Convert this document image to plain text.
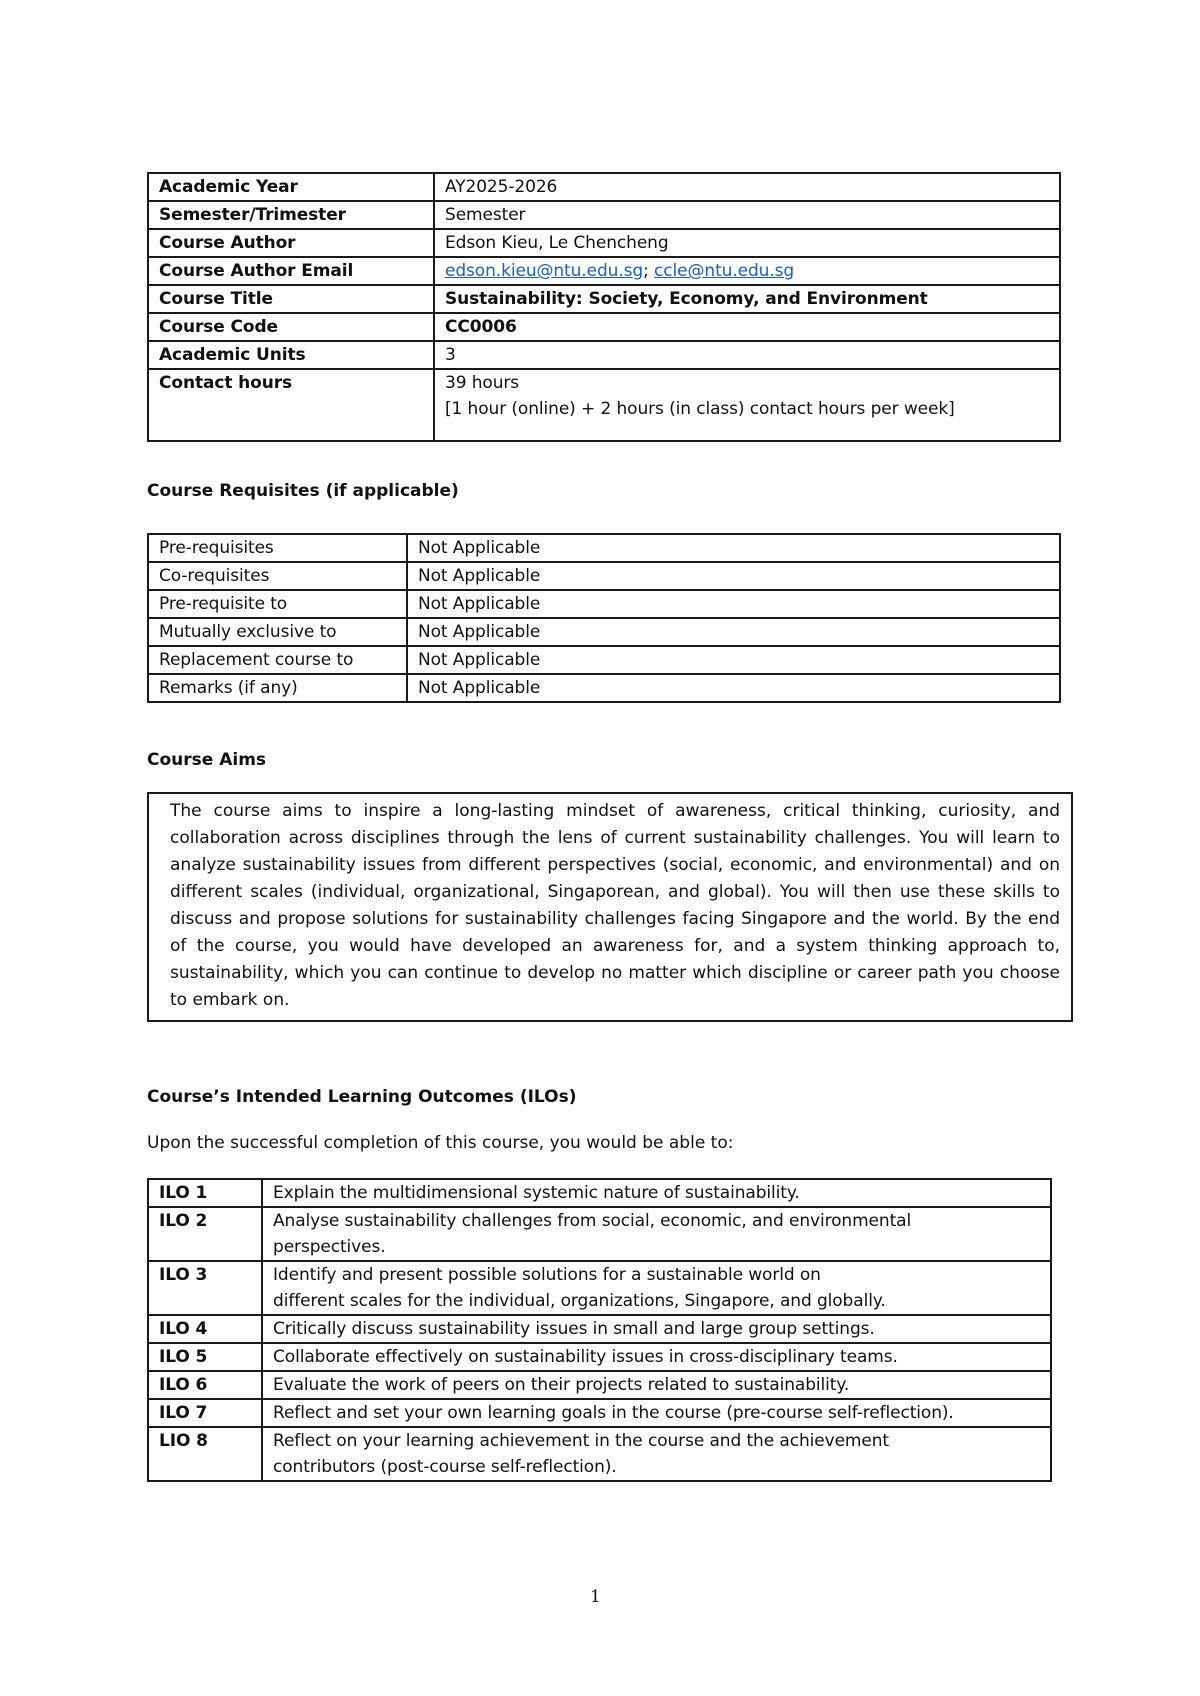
Academic Year	AY2025-2026
Semester/Trimester	Semester
Course Author	Edson Kieu, Le Chencheng
Course Author Email	edson.kieu@ntu.edu.sg; ccle@ntu.edu.sg
Course Title	Sustainability: Society, Economy, and Environment
Course Code	CC0006
Academic Units	3
Contact hours	39 hours
[1 hour (online) + 2 hours (in class) contact hours per week]
Course Requisites (if applicable)
Pre-requisites	Not Applicable
Co-requisites	Not Applicable
Pre-requisite to	Not Applicable
Mutually exclusive to	Not Applicable
Replacement course to	Not Applicable
Remarks (if any)	Not Applicable
Course Aims
The course aims to inspire a long-lasting mindset of awareness, critical thinking, curiosity, and collaboration across disciplines through the lens of current sustainability challenges. You will learn to analyze sustainability issues from different perspectives (social, economic, and environmental) and on different scales (individual, organizational, Singaporean, and global). You will then use these skills to discuss and propose solutions for sustainability challenges facing Singapore and the world. By the end of the course, you would have developed an awareness for, and a system thinking approach to, sustainability, which you can continue to develop no matter which discipline or career path you choose to embark on.
Course’s Intended Learning Outcomes (ILOs)
Upon the successful completion of this course, you would be able to:
ILO 1	Explain the multidimensional systemic nature of sustainability.

ILO 2	Analyse sustainability challenges from social, economic, and environmental
perspectives.

ILO 3	Identify and present possible solutions for a sustainable world on
different scales for the individual, organizations, Singapore, and globally.

ILO 4	Critically discuss sustainability issues in small and large group settings.

ILO 5	Collaborate effectively on sustainability issues in cross-disciplinary teams.

ILO 6	Evaluate the work of peers on their projects related to sustainability.

ILO 7	Reflect and set your own learning goals in the course (pre-course self-reflection).

LIO 8	Reflect on your learning achievement in the course and the achievement
contributors (post-course self-reflection).
1
